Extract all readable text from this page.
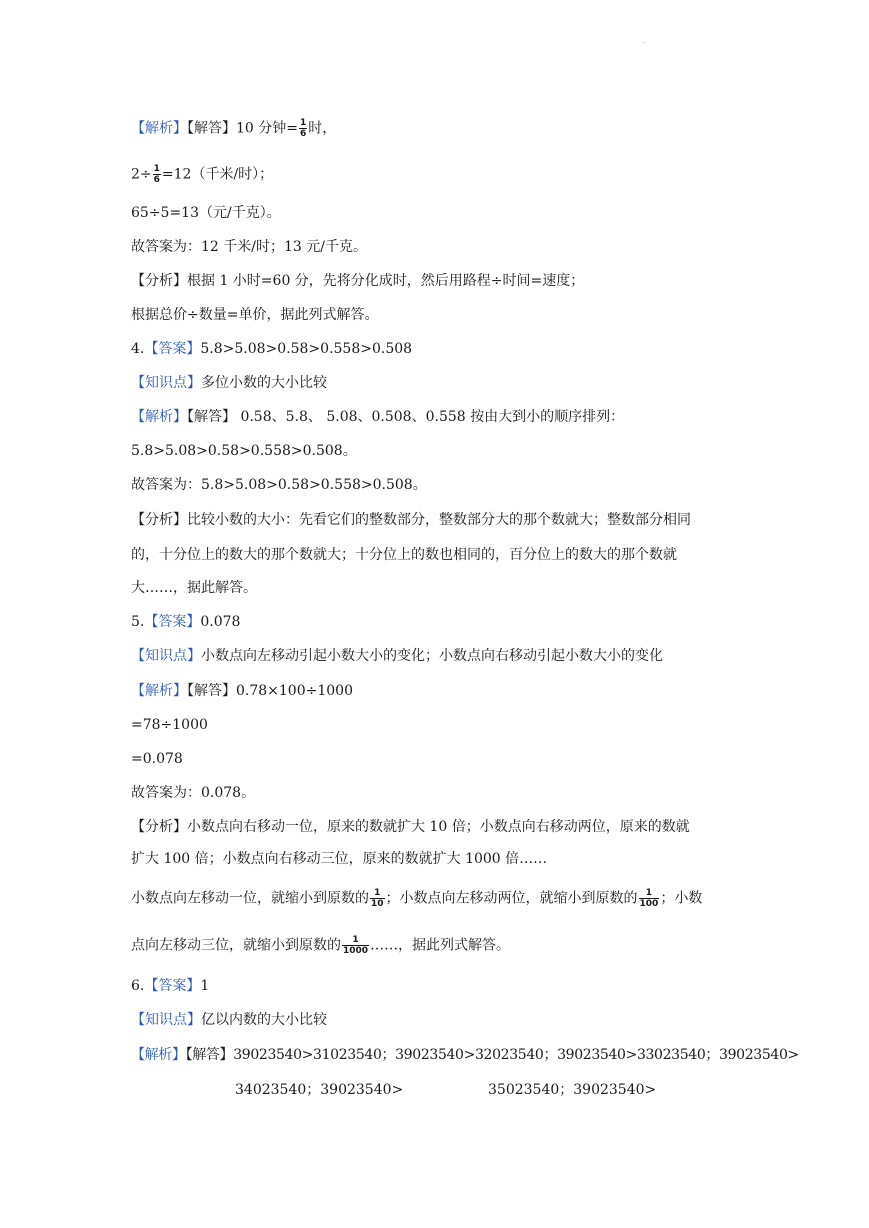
.
【解析】【解答】10 分钟= $\frac{1}{6}$ 时，
$2\div \frac{1}{6} =12$（千米/时）；
65÷5=13（元/千克）。
故答案为：12 千米/时；13 元/千克。
【分析】根据 1 小时=60 分，先将分化成时，然后用路程÷时间=速度；
根据总价÷数量=单价，据此列式解答。
4.【答案】5.8>5.08>0.58>0.558>0.508
【知识点】多位小数的大小比较
【解析】【解答】 0.58、5.8、 5.08、0.508、0.558 按由大到小的顺序排列：
5.8>5.08>0.58>0.558>0.508。
故答案为：5.8>5.08>0.58>0.558>0.508。
【分析】比较小数的大小：先看它们的整数部分，整数部分大的那个数就大；整数部分相同
的，十分位上的数大的那个数就大；十分位上的数也相同的，百分位上的数大的那个数就
大……，据此解答。
5.【答案】0.078
【知识点】小数点向左移动引起小数大小的变化；小数点向右移动引起小数大小的变化
【解析】【解答】0.78×100÷1000
=78÷1000
=0.078
故答案为：0.078。
【分析】小数点向右移动一位，原来的数就扩大 10 倍；小数点向右移动两位，原来的数就
扩大 100 倍；小数点向右移动三位，原来的数就扩大 1000 倍……
小数点向左移动一位，就缩小到原数的 $\frac{1}{10}$ ；小数点向左移动两位，就缩小到原数的 $\frac{1}{100}$ ；小数
点向左移动三位，就缩小到原数的 $\frac{1}{1000}$ ……，据此列式解答。
6.【答案】1
【知识点】亿以内数的大小比较
【解析】【解答】39023540>31023540；39023540>32023540；39023540>33023540；39023540>
34023540；39023540>	35023540；39023540>
